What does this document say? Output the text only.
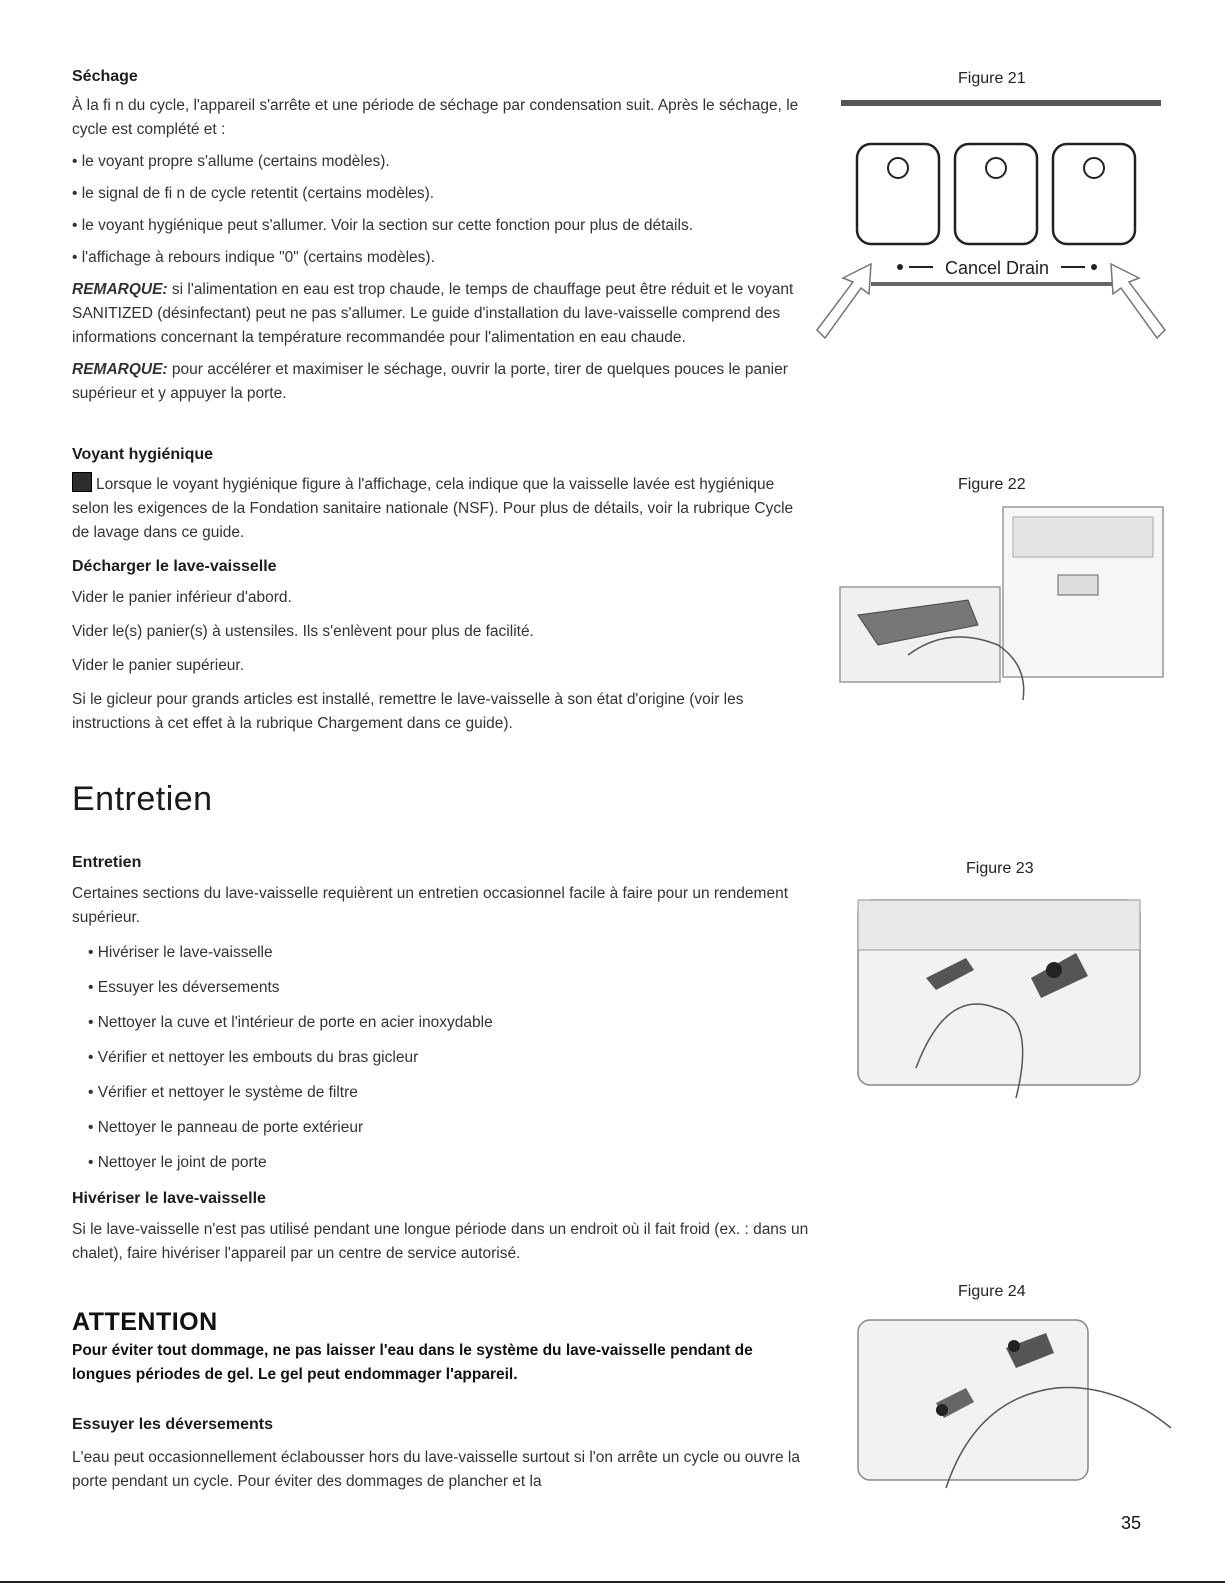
Séchage

À la fi n du cycle, l'appareil s'arrête et une période de séchage par condensation suit. Après le séchage, le cycle est complété et :

• le voyant propre s'allume (certains modèles).

• le signal de fi n de cycle retentit (certains modèles).

• le voyant hygiénique peut s'allumer. Voir la section sur cette fonction pour plus de détails.

• l'affichage à rebours indique "0" (certains modèles).

REMARQUE: si l'alimentation en eau est trop chaude, le temps de chauffage peut être réduit et le voyant SANITIZED (désinfectant) peut ne pas s'allumer. Le guide d'installation du lave-vaisselle comprend des informations concernant la température recommandée pour l'alimentation en eau chaude.

REMARQUE: pour accélérer et maximiser le séchage, ouvrir la porte, tirer de quelques pouces le panier supérieur et y appuyer la porte.

Voyant hygiénique

Lorsque le voyant hygiénique figure à l'affichage, cela indique que la vaisselle lavée est hygiénique selon les exigences de la Fondation sanitaire nationale (NSF). Pour plus de détails, voir la rubrique Cycle de lavage dans ce guide.

Décharger le lave-vaisselle

Vider le panier inférieur d'abord.

Vider le(s) panier(s) à ustensiles. Ils s'enlèvent pour plus de facilité.

Vider le panier supérieur.

Si le gicleur pour grands articles est installé, remettre le lave-vaisselle à son état d'origine (voir les instructions à cet effet à la rubrique Chargement dans ce guide).

Entretien

Entretien

Certaines sections du lave-vaisselle requièrent un entretien occasionnel facile à faire pour un rendement supérieur.

• Hivériser le lave-vaisselle

• Essuyer les déversements

• Nettoyer la cuve et l'intérieur de porte en acier inoxydable

• Vérifier et nettoyer les embouts du bras gicleur

• Vérifier et nettoyer le système de filtre

• Nettoyer le panneau de porte extérieur

• Nettoyer le joint de porte

Hivériser le lave-vaisselle

Si le lave-vaisselle n'est pas utilisé pendant une longue période dans un endroit où il fait froid (ex. : dans un chalet), faire hivériser l'appareil par un centre de service autorisé.

ATTENTION

Pour éviter tout dommage, ne pas laisser l'eau dans le système du lave-vaisselle pendant de longues périodes de gel. Le gel peut endommager l'appareil.

Essuyer les déversements

L'eau peut occasionnellement éclabousser hors du lave-vaisselle surtout si l'on arrête un cycle ou ouvre la porte pendant un cycle. Pour éviter des dommages de plancher et la

Figure 21
Cancel Drain
Figure 22
Figure 23
Figure 24
35
